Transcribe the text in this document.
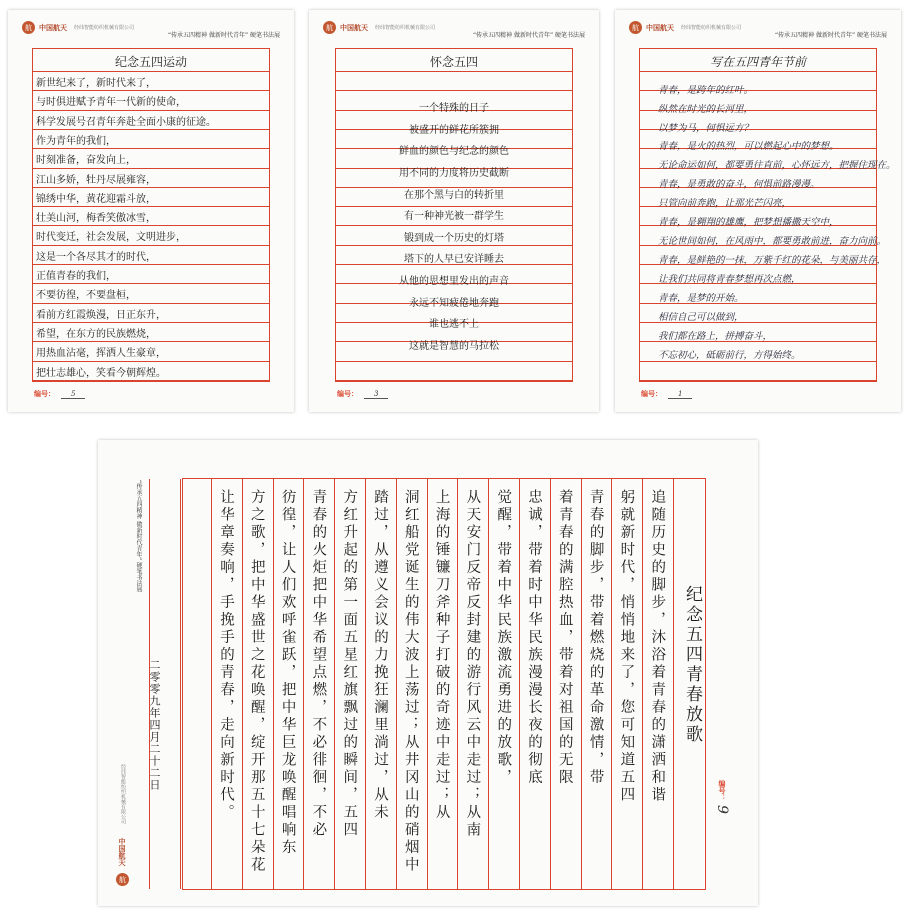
航	中国航天 经纬智能纺织机械有限公司
“传承五四精神 做新时代青年” 硬笔书法展
纪念五四运动
新世纪来了，新时代来了，
与时俱进赋予青年一代新的使命，
科学发展号召青年奔赴全面小康的征途。
作为青年的我们，
时刻准备，奋发向上，
江山多娇，牡丹尽展雍容，
锦绣中华，黄花迎霜斗放，
壮美山河，梅香笑傲冰雪，
时代变迁，社会发展，文明进步，
这是一个各尽其才的时代，
正值青春的我们，
不要彷徨，不要盘桓，
看前方红霞焕漫，日正东升，
希望，在东方的民族燃烧，
用热血沾毫，挥洒人生豪章，
把壮志雄心，笑看今朝辉煌。
编号： 5
航	中国航天 经纬智能纺织机械有限公司
“传承五四精神 做新时代青年” 硬笔书法展
怀念五四
一个特殊的日子
被盛开的鲜花所簇拥
鲜血的颜色与纪念的颜色
用不同的力度将历史截断
在那个黑与白的转折里
有一种神光被一群学生
锻到成一个历史的灯塔
塔下的人早已安详睡去
从他的思想里发出的声音
永远不知疲倦地奔跑
谁也逃不上
这就是智慧的马拉松
编号： 3
航	中国航天 经纬智能纺织机械有限公司
“传承五四精神 做新时代青年” 硬笔书法展
写在五四青年节前
青春，是跨年的红叶。
纵然在时光的长河里，
以梦为马，何惧远方？
青春，是火的热烈，可以燃起心中的梦想。
无论命运如何，都要勇往直前，心怀远方，把握住现在。
青春，是勇敢的奋斗，何惧前路漫漫。
只管向前奔跑，让那光芒闪亮，
青春，是翱翔的雄鹰，把梦想播撒天空中，
无论世间如何，在风雨中，都要勇敢前进，奋力向前。
青春，是鲜艳的一抹，万紫千红的花朵，与美丽共存，
让我们共同将青春梦想再次点燃，
青春，是梦的开始。
相信自己可以做到，
我们都在路上，拼搏奋斗，
不忘初心，砥砺前行，方得始终。
编号： 1
航
中国航天
经纬智能纺织机械有限公司
“传承五四精神 做新时代青年” 硬笔书法展	追随历史的脚步，沐浴着青春的潇洒和谐
躬就新时代，悄悄地来了，您可知道五四
青春的脚步，带着燃烧的革命激情，带
着青春的满腔热血，带着对祖国的无限
忠诚，带着时中华民族漫漫长夜的彻底
觉醒，带着中华民族激流勇进的放歌，
从天安门反帝反封建的游行风云中走过；从南
上海的锤镰刀斧种子打破的奇迹中走过；从
洞红船党诞生的伟大波上荡过；从井冈山的硝烟中
踏过，从遵义会议的力挽狂澜里淌过，从未
方红升起的第一面五星红旗飘过的瞬间，五四
青春的火炬把中华希望点燃，不必徘徊，不必
彷徨，让人们欢呼雀跃，把中华巨龙唤醒唱响东
方之歌，把中华盛世之花唤醒，绽开那五十七朵花
让华章奏响，手挽手的青春，走向新时代。	纪念五四青春放歌
二零零九年四月二十二日	编号：9
